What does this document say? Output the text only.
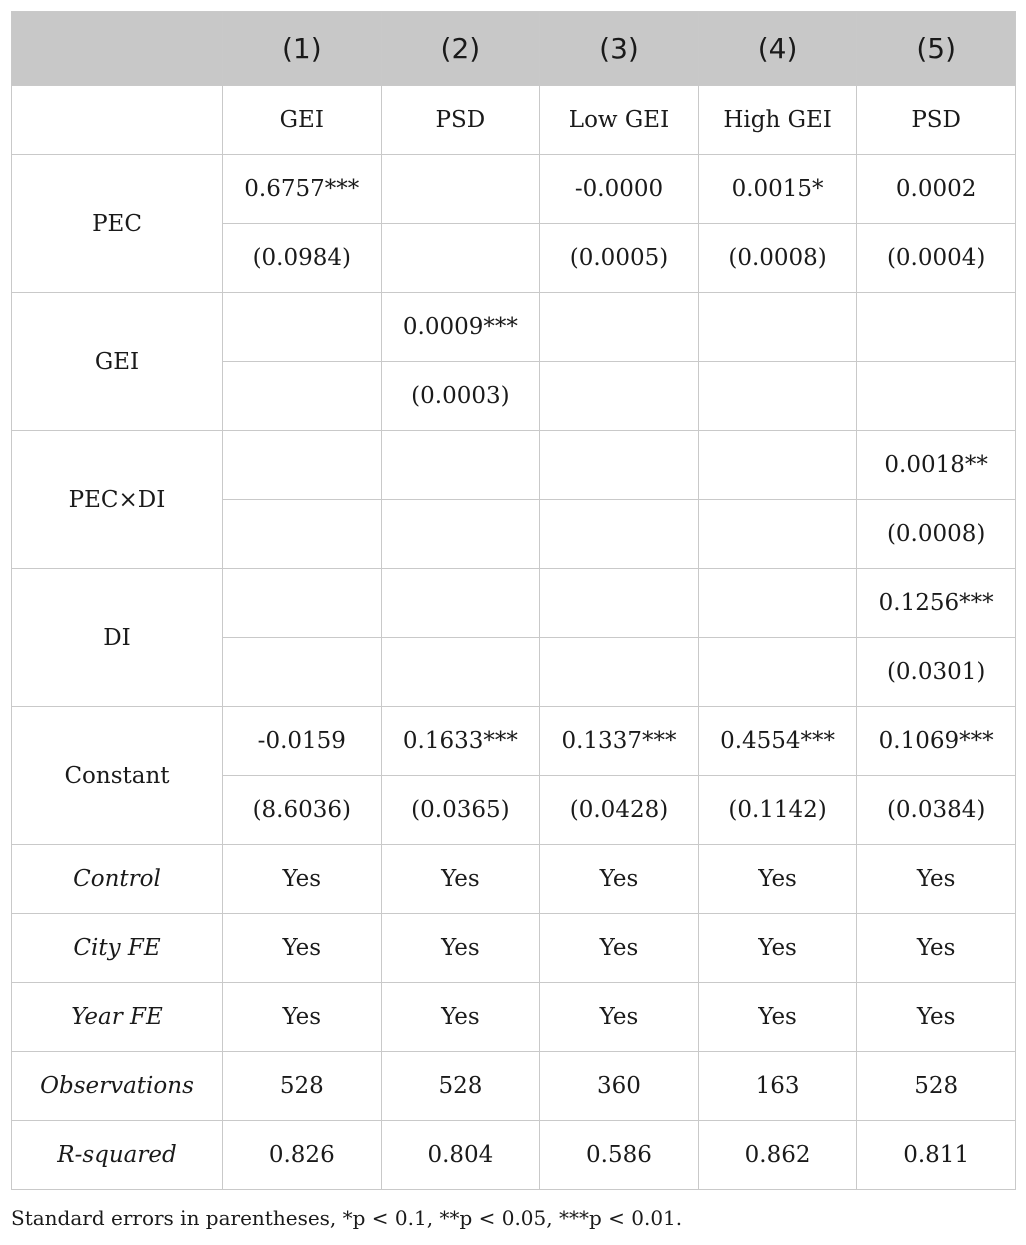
	(1)	(2)	(3)	(4)	(5)
	GEI	PSD	Low GEI	High GEI	PSD
PEC	0.6757***		-0.0000	0.0015*	0.0002
	(0.0984)		(0.0005)	(0.0008)	(0.0004)
GEI		0.0009***			
		(0.0003)			
PEC×DI					0.0018**
					(0.0008)
DI					0.1256***
					(0.0301)
Constant	-0.0159	0.1633***	0.1337***	0.4554***	0.1069***
	(8.6036)	(0.0365)	(0.0428)	(0.1142)	(0.0384)
Control	Yes	Yes	Yes	Yes	Yes
City FE	Yes	Yes	Yes	Yes	Yes
Year FE	Yes	Yes	Yes	Yes	Yes
Observations	528	528	360	163	528
R-squared	0.826	0.804	0.586	0.862	0.811
Standard errors in parentheses, *p < 0.1, **p < 0.05, ***p < 0.01.
